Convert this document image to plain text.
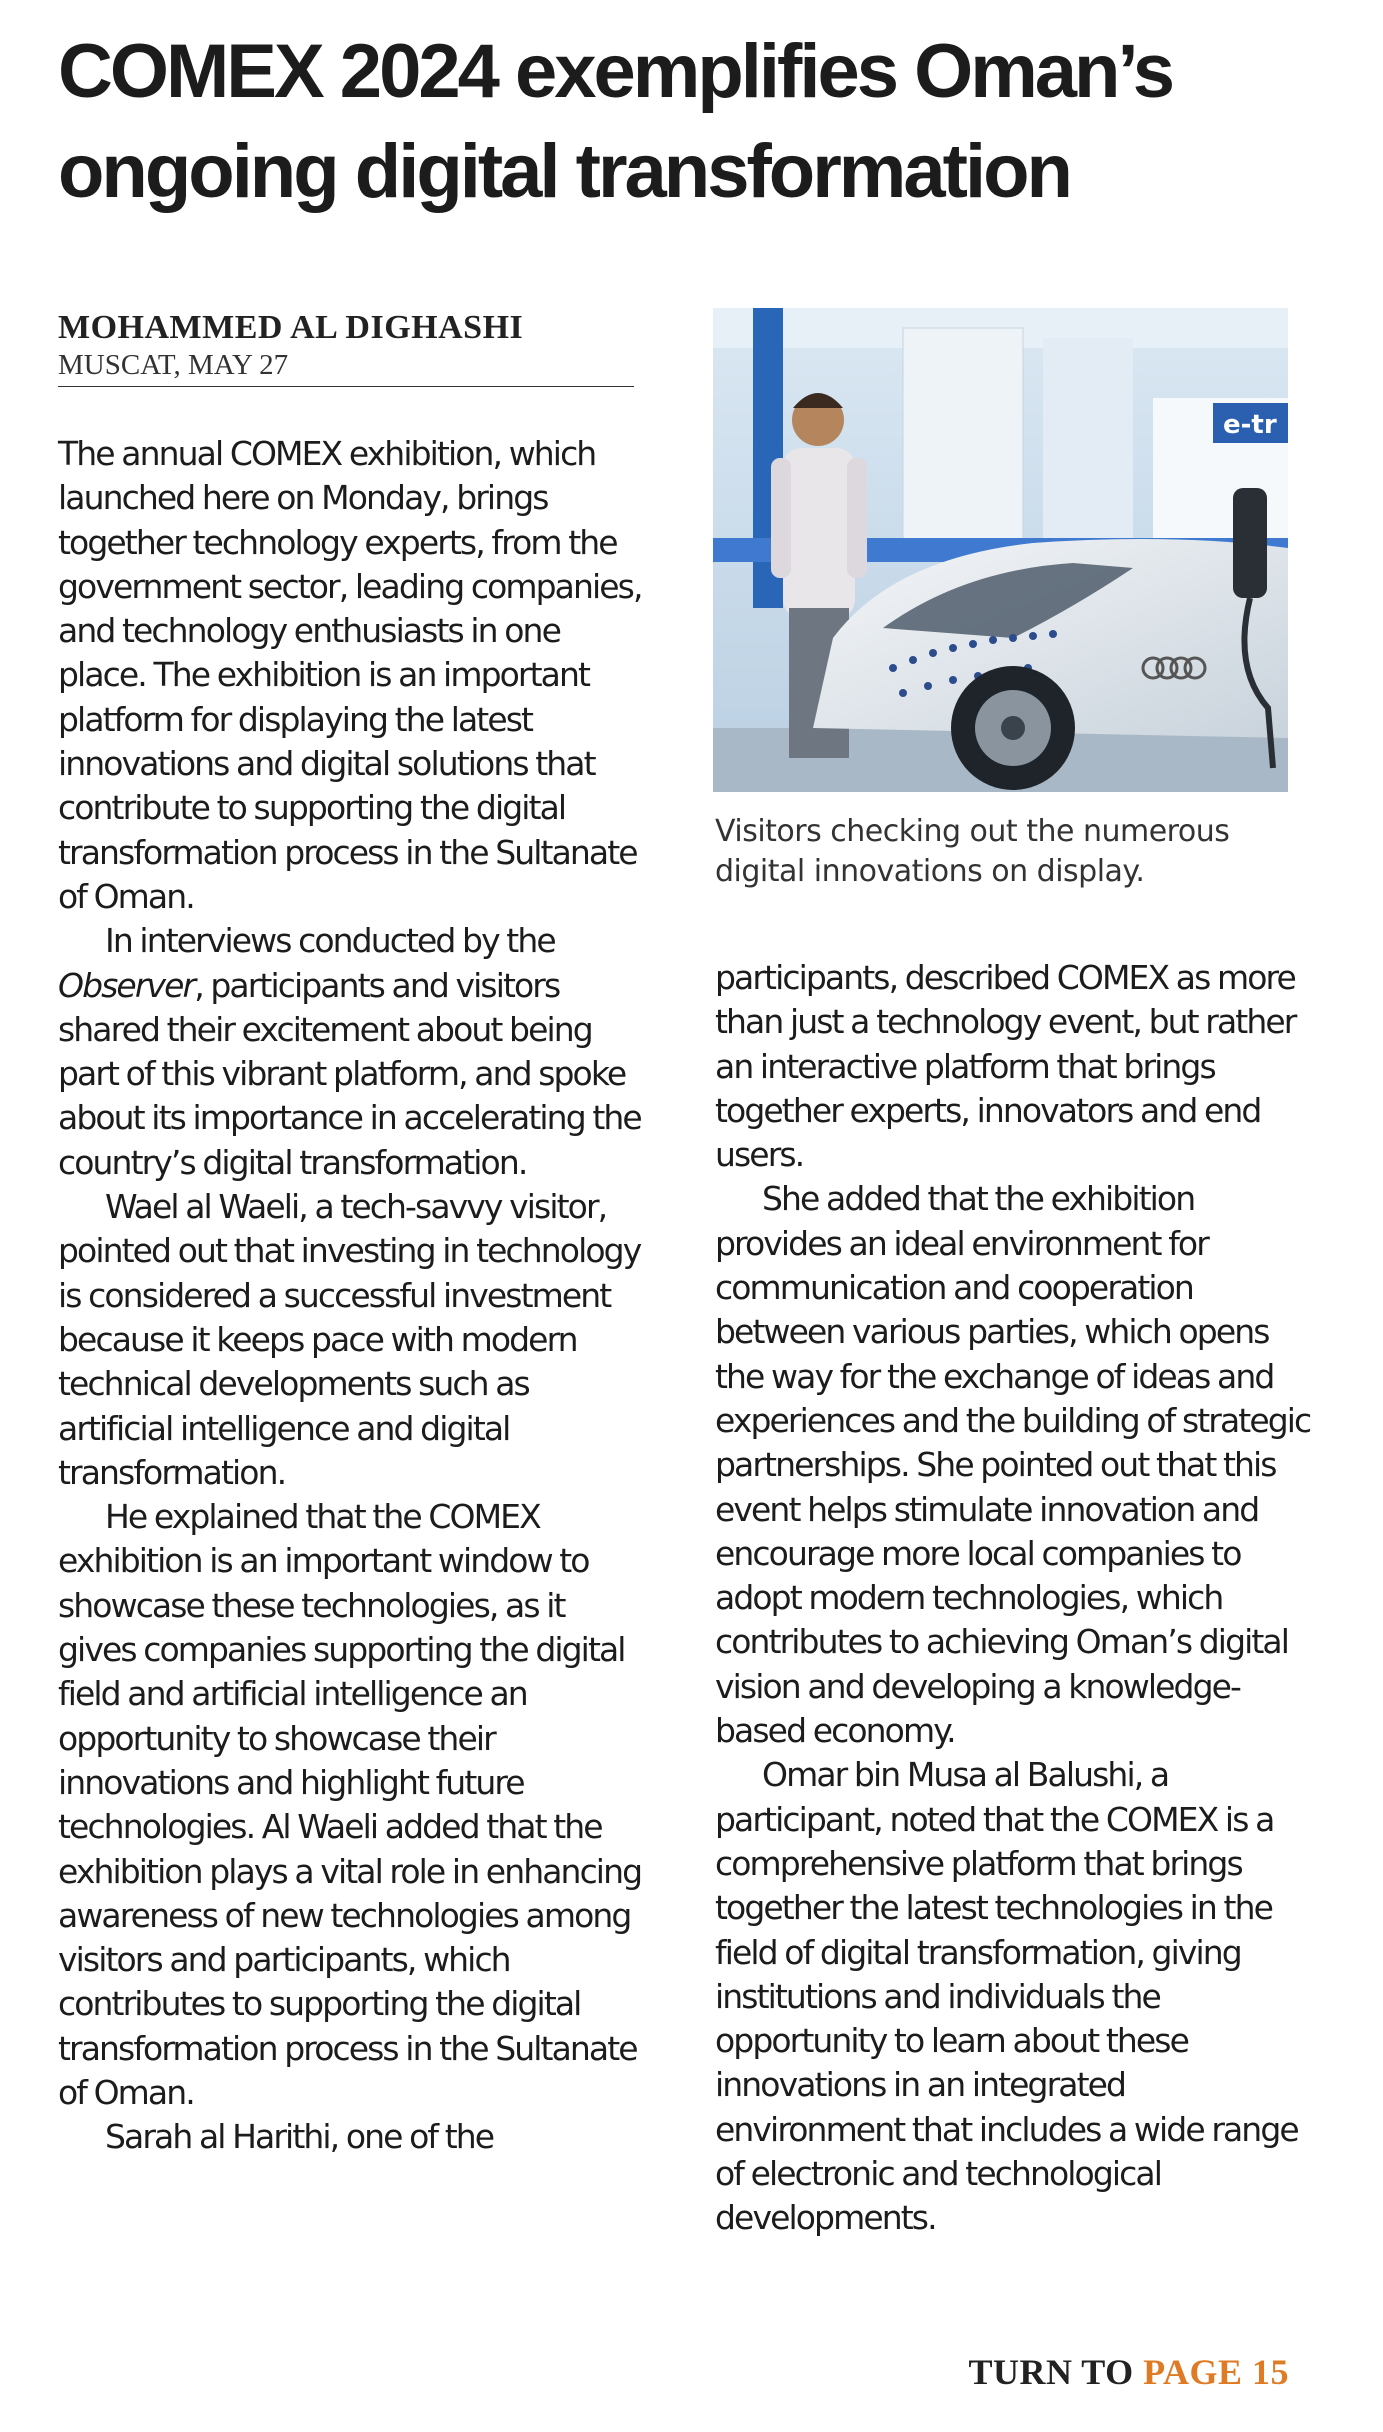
COMEX 2024 exemplifies Oman’s ongoing digital transformation
MOHAMMED AL DIGHASHI
MUSCAT, MAY 27

The annual COMEX exhibition, which launched here on Monday, brings together technology experts, from the government sector, leading companies, and technology enthusiasts in one place. The exhibition is an important platform for displaying the latest innovations and digital solutions that contribute to supporting the digital transformation process in the Sultanate of Oman.

In interviews conducted by the Observer, participants and visitors shared their excitement about being part of this vibrant platform, and spoke about its importance in accelerating the country’s digital transformation.

Wael al Waeli, a tech-savvy visitor, pointed out that investing in technology is considered a successful investment because it keeps pace with modern technical developments such as artificial intelligence and digital transformation.

He explained that the COMEX exhibition is an important window to showcase these technologies, as it gives companies supporting the digital field and artificial intelligence an opportunity to showcase their innovations and highlight future technologies. Al Waeli added that the exhibition plays a vital role in enhancing awareness of new technologies among visitors and participants, which contributes to supporting the digital transformation process in the Sultanate of Oman.

Sarah al Harithi, one of the

e-tr
Visitors checking out the numerous digital innovations on display.

participants, described COMEX as more than just a technology event, but rather an interactive platform that brings together experts, innovators and end users.

She added that the exhibition provides an ideal environment for communication and cooperation between various parties, which opens the way for the exchange of ideas and experiences and the building of strategic partnerships. She pointed out that this event helps stimulate innovation and encourage more local companies to adopt modern technologies, which contributes to achieving Oman’s digital vision and developing a knowledge-based economy.

Omar bin Musa al Balushi, a participant, noted that the COMEX is a comprehensive platform that brings together the latest technologies in the field of digital transformation, giving institutions and individuals the opportunity to learn about these innovations in an integrated environment that includes a wide range of electronic and technological developments.

TURN TO PAGE 15
